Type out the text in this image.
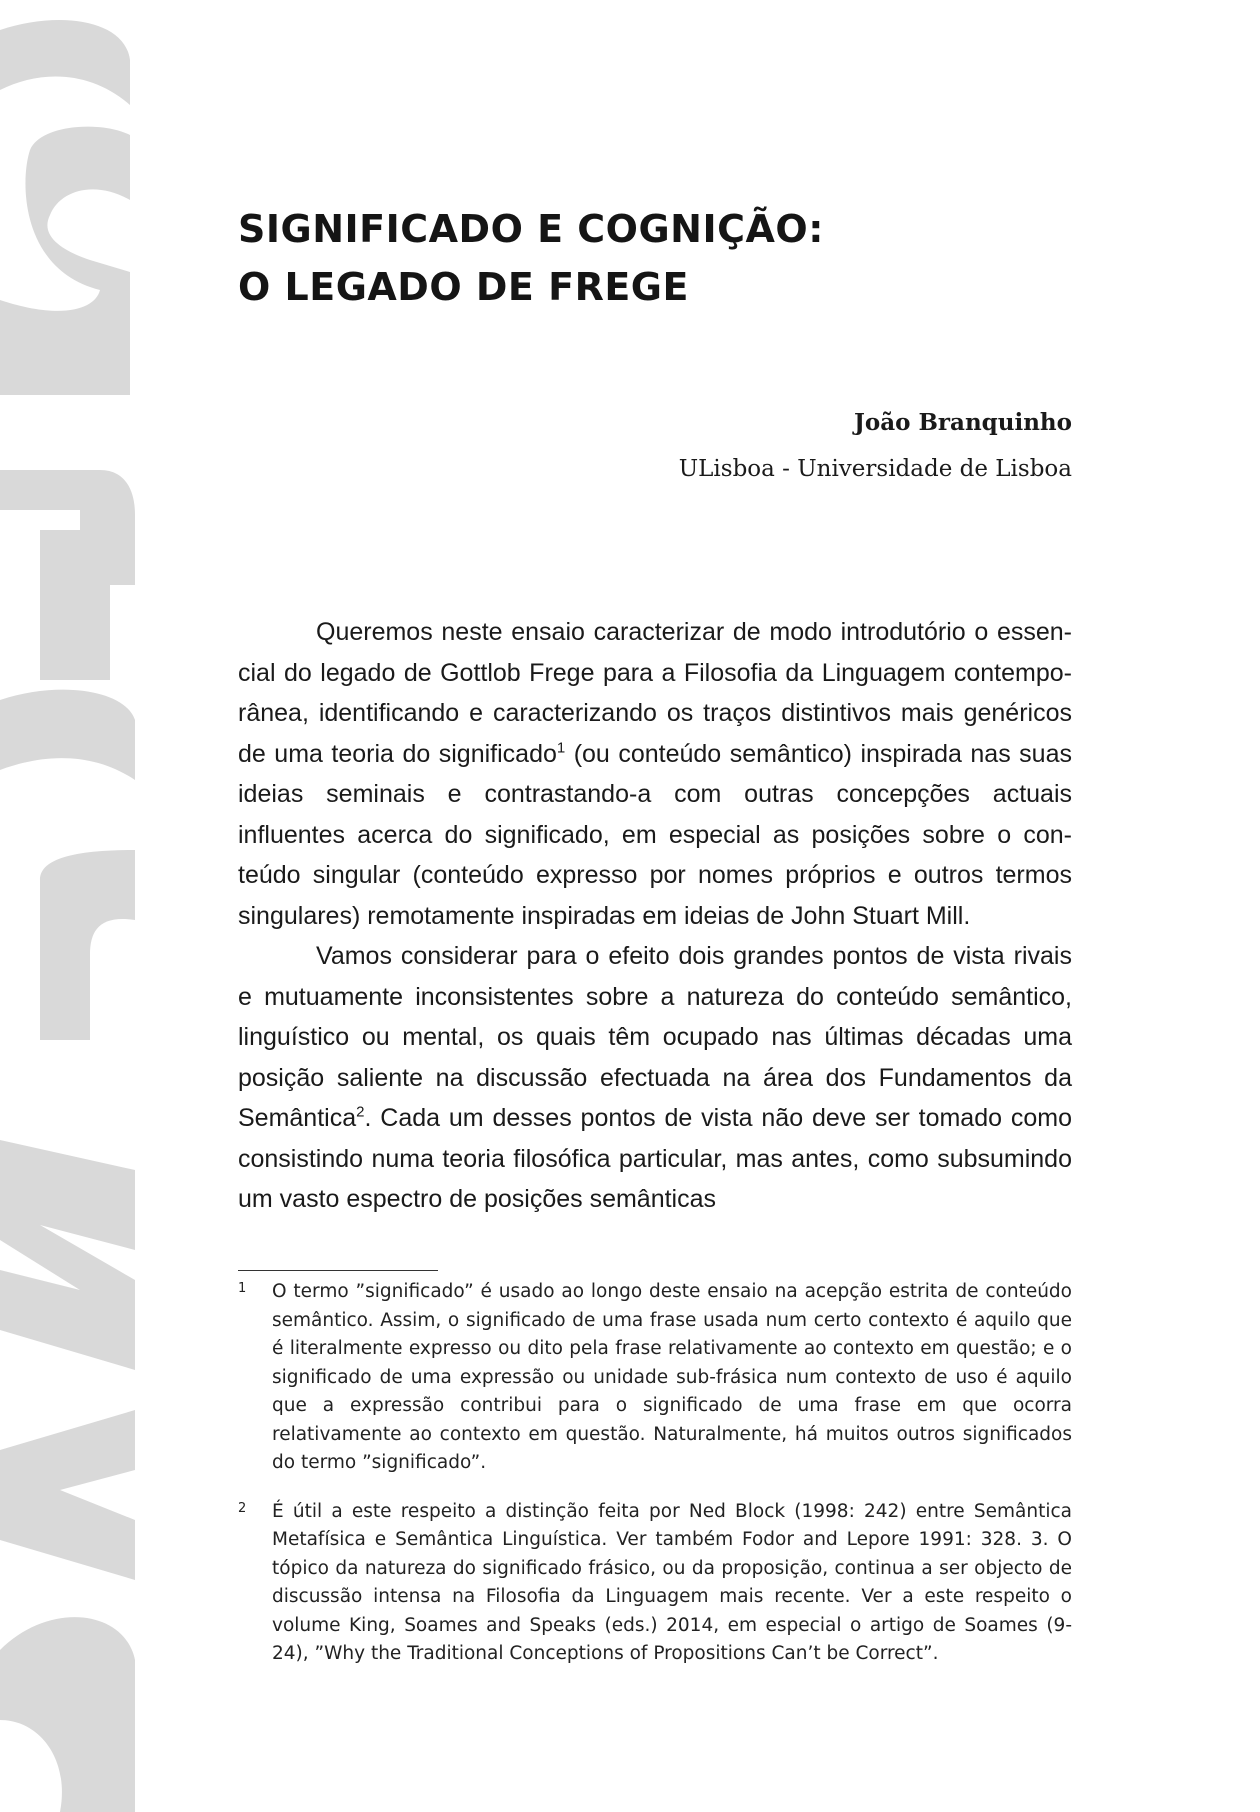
SIGNIFICADO E COGNIÇÃO:
O LEGADO DE FREGE
João Branquinho
ULisboa - Universidade de Lisboa

Queremos neste ensaio caracterizar de modo introdutório o essencial do legado de Gottlob Frege para a Filosofia da Linguagem contemporânea, identificando e caracterizando os traços distintivos mais genéricos de uma teoria do significado$^1$ (ou conteúdo semântico) inspirada nas suas ideias seminais e contrastando-a com outras concepções actuais influentes acerca do significado, em especial as posições sobre o conteúdo singular (conteúdo expresso por nomes próprios e outros termos singulares) remotamente inspiradas em ideias de John Stuart Mill.

Vamos considerar para o efeito dois grandes pontos de vista rivais e mutuamente inconsistentes sobre a natureza do conteúdo semântico, linguístico ou mental, os quais têm ocupado nas últimas décadas uma posição saliente na discussão efectuada na área dos Fundamentos da Semântica$^2$. Cada um desses pontos de vista não deve ser tomado como consistindo numa teoria filosófica particular, mas antes, como subsumindo um vasto espectro de posições semânticas

1 O termo ”significado” é usado ao longo deste ensaio na acepção estrita de conteúdo semântico. Assim, o significado de uma frase usada num certo contexto é aquilo que é literalmente expresso ou dito pela frase relativamente ao contexto em questão; e o significado de uma expressão ou unidade sub-frásica num contexto de uso é aquilo que a expressão contribui para o significado de uma frase em que ocorra relativamente ao contexto em questão. Naturalmente, há muitos outros significados do termo ”significado”.

2 É útil a este respeito a distinção feita por Ned Block (1998: 242) entre Semântica Metafísica e Semântica Linguística. Ver também Fodor and Lepore 1991: 328. 3. O tópico da natureza do significado frásico, ou da proposição, continua a ser objecto de discussão intensa na Filosofia da Linguagem mais recente. Ver a este respeito o volume King, Soames and Speaks (eds.) 2014, em especial o artigo de Soames (9-24), ”Why the Traditional Conceptions of Propositions Can’t be Correct”.
